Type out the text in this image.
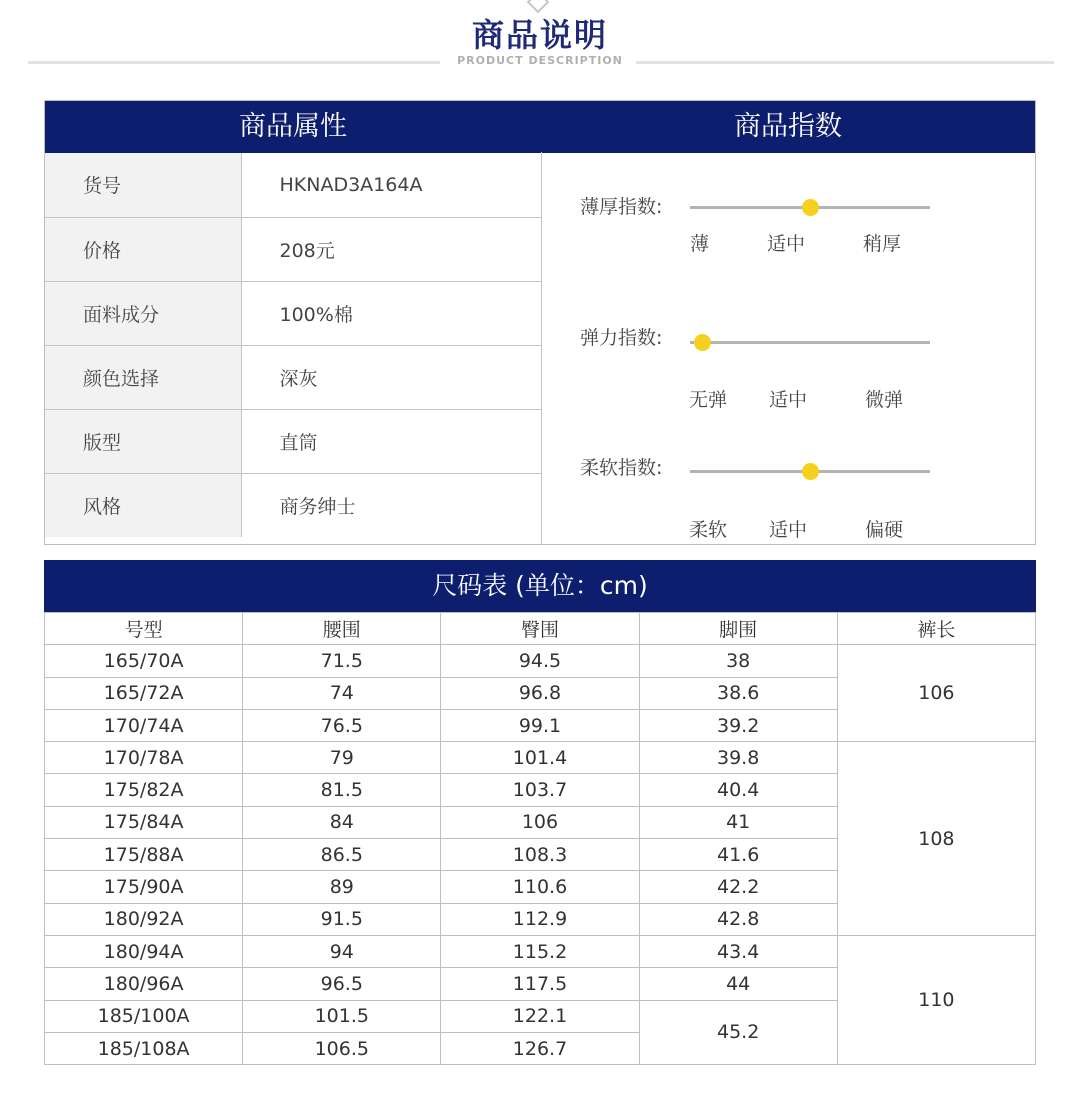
商品说明
PRODUCT DESCRIPTION
商品属性	商品指数
货号	HKNAD3A164A
价格	208元
面料成分	100%棉
颜色选择	深灰
版型	直筒
风格	商务绅士
薄厚指数:
薄	适中	稍厚
弹力指数:
无弹 适中	微弹
柔软指数:
柔软 适中	偏硬
尺码表 (单位：cm)
号型	腰围	臀围	脚围	裤长
165/70A	71.5	94.5	38	106
165/72A	74	96.8	38.6	
170/74A	76.5	99.1	39.2	
170/78A	79	101.4	39.8	108
175/82A	81.5	103.7	40.4	
175/84A	84	106	41	
175/88A	86.5	108.3	41.6	
175/90A	89	110.6	42.2	
180/92A	91.5	112.9	42.8	
180/94A	94	115.2	43.4	110
180/96A	96.5	117.5	44	
185/100A	101.5	122.1	45.2	
185/108A	106.5	126.7		
